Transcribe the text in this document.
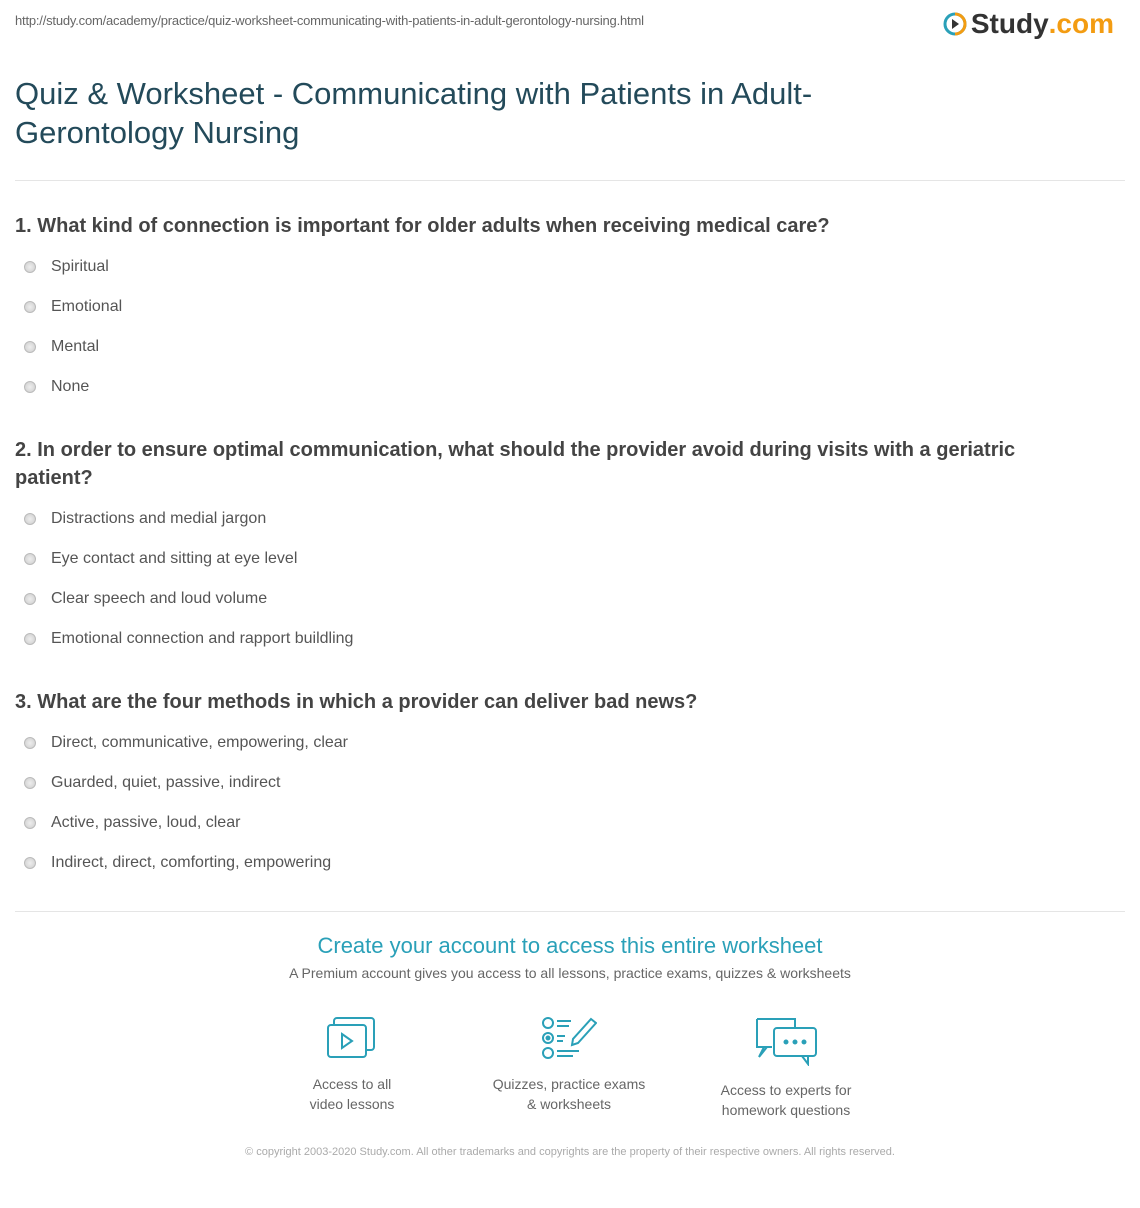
http://study.com/academy/practice/quiz-worksheet-communicating-with-patients-in-adult-gerontology-nursing.html	Study .com
Quiz & Worksheet - Communicating with Patients in Adult-Gerontology Nursing
1. What kind of connection is important for older adults when receiving medical care?
Spiritual
Emotional
Mental
None
2. In order to ensure optimal communication, what should the provider avoid during visits with a geriatric patient?
Distractions and medial jargon
Eye contact and sitting at eye level
Clear speech and loud volume
Emotional connection and rapport buildling
3. What are the four methods in which a provider can deliver bad news?
Direct, communicative, empowering, clear
Guarded, quiet, passive, indirect
Active, passive, loud, clear
Indirect, direct, comforting, empowering
Create your account to access this entire worksheet
A Premium account gives you access to all lessons, practice exams, quizzes & worksheets
Access to all
video lessons
Quizzes, practice exams
& worksheets
Access to experts for
homework questions
© copyright 2003-2020 Study.com. All other trademarks and copyrights are the property of their respective owners. All rights reserved.
